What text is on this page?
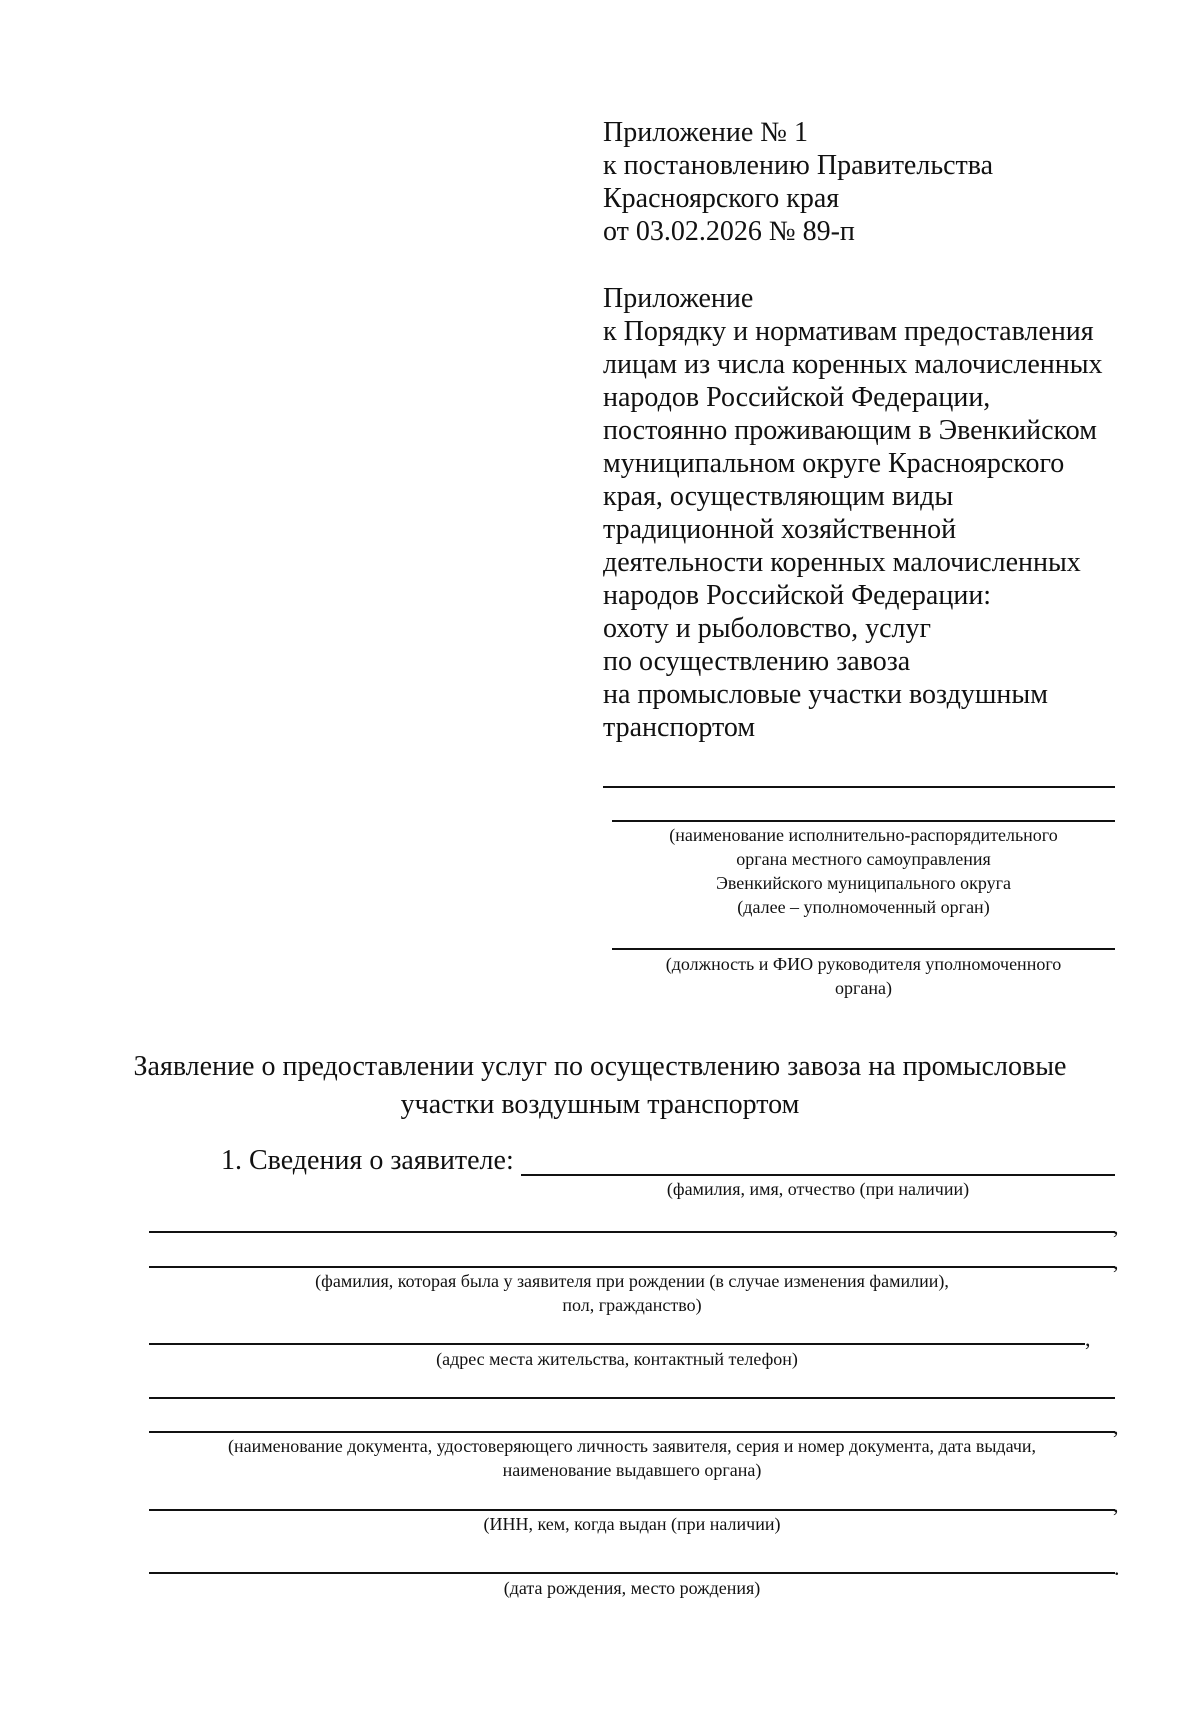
Приложение № 1
к постановлению Правительства
Красноярского края
от 03.02.2026 № 89-п
Приложение
к Порядку и нормативам предоставления
лицам из числа коренных малочисленных
народов Российской Федерации,
постоянно проживающим в Эвенкийском
муниципальном округе Красноярского
края, осуществляющим виды
традиционной хозяйственной
деятельности коренных малочисленных
народов Российской Федерации:
охоту и рыболовство, услуг
по осуществлению завоза
на промысловые участки воздушным
транспортом
(наименование исполнительно-распорядительного
органа местного самоуправления
Эвенкийского муниципального округа
(далее – уполномоченный орган)
(должность и ФИО руководителя уполномоченного
органа)
Заявление о предоставлении услуг по осуществлению завоза на промысловые
участки воздушным транспортом
1. Сведения о заявителе:
(фамилия, имя, отчество (при наличии)
,
,
(фамилия, которая была у заявителя при рождении (в случае изменения фамилии),
пол, гражданство)
,
(адрес места жительства, контактный телефон)
,
(наименование документа, удостоверяющего личность заявителя, серия и номер документа, дата выдачи,
наименование выдавшего органа)
,
(ИНН, кем, когда выдан (при наличии)
.
(дата рождения, место рождения)
